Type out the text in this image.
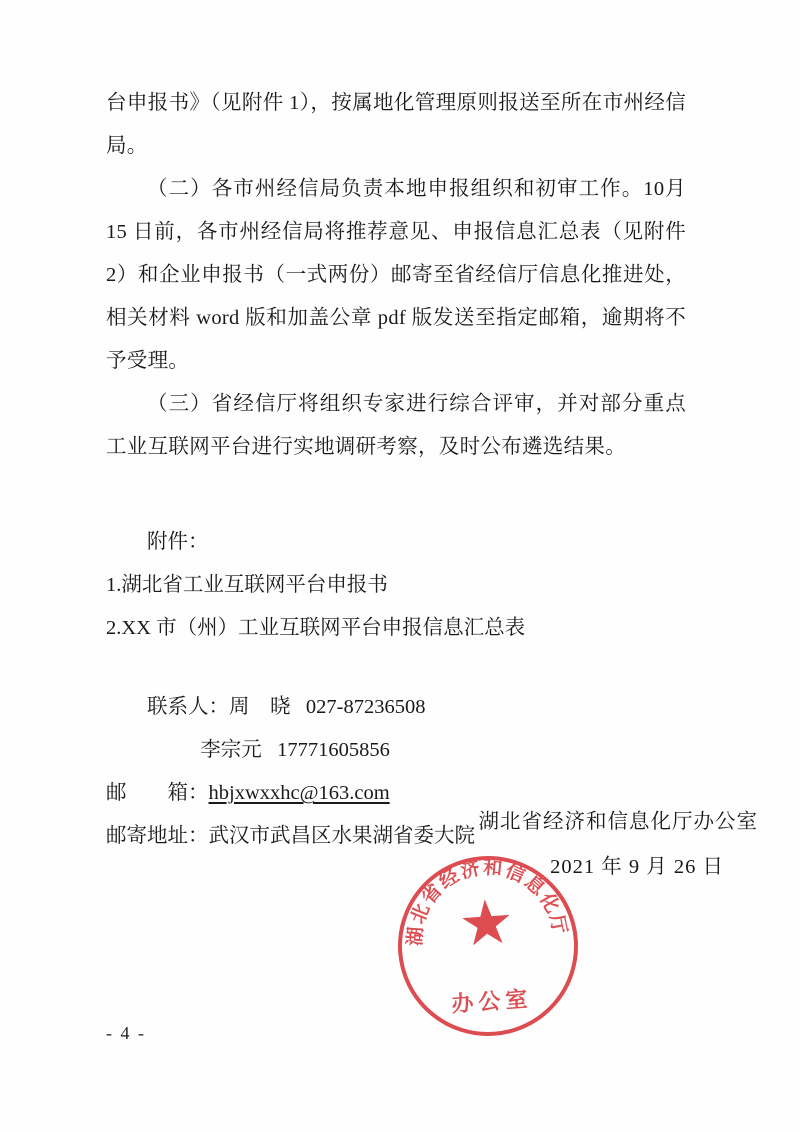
台申报书》（见附件 1），按属地化管理原则报送至所在市州经信局。

（二）各市州经信局负责本地申报组织和初审工作。10月 15 日前，各市州经信局将推荐意见、申报信息汇总表（见附件 2）和企业申报书（一式两份）邮寄至省经信厅信息化推进处，相关材料 word 版和加盖公章 pdf 版发送至指定邮箱，逾期将不予受理。

（三）省经信厅将组织专家进行综合评审，并对部分重点工业互联网平台进行实地调研考察，及时公布遴选结果。

附件：
1.湖北省工业互联网平台申报书
2.XX 市（州）工业互联网平台申报信息汇总表
联系人：周　晓 027-87236508
李宗元 17771605856
邮　　箱：hbjxwxxhc@163.com
邮寄地址：武汉市武昌区水果湖省委大院
湖北省经济和信息化厅办公室
2021 年 9 月 26 日
湖北省经济和信息化厅
★
办公室
- 4 -
